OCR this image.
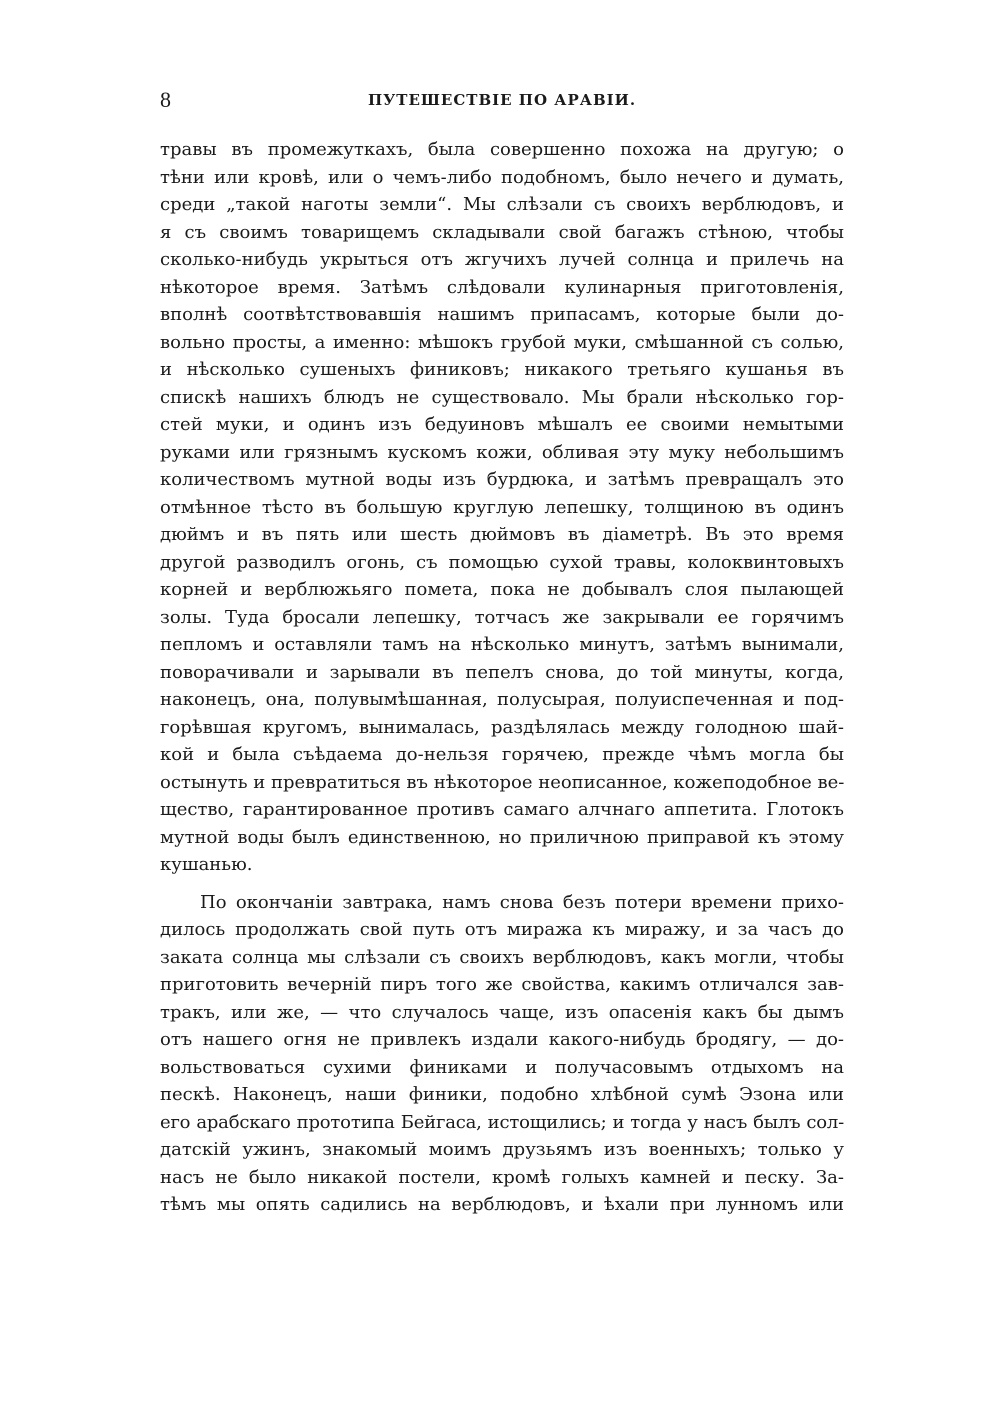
8	ПУТЕШЕСТВІЕ ПО АРАВІИ.
травы въ промежуткахъ, была совершенно похожа на другую; о
тѣни или кровѣ, или о чемъ-либо подобномъ, было нечего и думать,
среди „такой наготы земли“. Мы слѣзали съ своихъ верблюдовъ, и
я съ своимъ товарищемъ складывали свой багажъ стѣною, чтобы
сколько-нибудь укрыться отъ жгучихъ лучей солнца и прилечь на
нѣкоторое время. Затѣмъ слѣдовали кулинарныя приготовленія,
вполнѣ соотвѣтствовавшія нашимъ припасамъ, которые были до-
вольно просты, а именно: мѣшокъ грубой муки, смѣшанной съ солью,
и нѣсколько сушеныхъ финиковъ; никакого третьяго кушанья въ
спискѣ нашихъ блюдъ не существовало. Мы брали нѣсколько гор-
стей муки, и одинъ изъ бедуиновъ мѣшалъ ее своими немытыми
руками или грязнымъ кускомъ кожи, обливая эту муку небольшимъ
количествомъ мутной воды изъ бурдюка, и затѣмъ превращалъ это
отмѣнное тѣсто въ большую круглую лепешку, толщиною въ одинъ
дюймъ и въ пять или шесть дюймовъ въ діаметрѣ. Въ это время
другой разводилъ огонь, съ помощью сухой травы, колоквинтовыхъ
корней и верблюжьяго помета, пока не добывалъ слоя пылающей
золы. Туда бросали лепешку, тотчасъ же закрывали ее горячимъ
пепломъ и оставляли тамъ на нѣсколько минутъ, затѣмъ вынимали,
поворачивали и зарывали въ пепелъ снова, до той минуты, когда,
наконецъ, она, полувымѣшанная, полусырая, полуиспеченная и под-
горѣвшая кругомъ, вынималась, раздѣлялась между голодною шай-
кой и была съѣдаема до-нельзя горячею, прежде чѣмъ могла бы
остынуть и превратиться въ нѣкоторое неописанное, кожеподобное ве-
щество, гарантированное противъ самаго алчнаго аппетита. Глотокъ
мутной воды былъ единственною, но приличною приправой къ этому
кушанью.
По окончаніи завтрака, намъ снова безъ потери времени прихо-
дилось продолжать свой путь отъ миража къ миражу, и за часъ до
заката солнца мы слѣзали съ своихъ верблюдовъ, какъ могли, чтобы
приготовить вечерній пиръ того же свойства, какимъ отличался зав-
тракъ, или же, — что случалось чаще, изъ опасенія какъ бы дымъ
отъ нашего огня не привлекъ издали какого-нибудь бродягу, — до-
вольствоваться сухими финиками и получасовымъ отдыхомъ на
пескѣ. Наконецъ, наши финики, подобно хлѣбной сумѣ Эзона или
его арабскаго прототипа Бейгаса, истощились; и тогда у насъ былъ сол-
датскій ужинъ, знакомый моимъ друзьямъ изъ военныхъ; только у
насъ не было никакой постели, кромѣ голыхъ камней и песку. За-
тѣмъ мы опять садились на верблюдовъ, и ѣхали при лунномъ или
